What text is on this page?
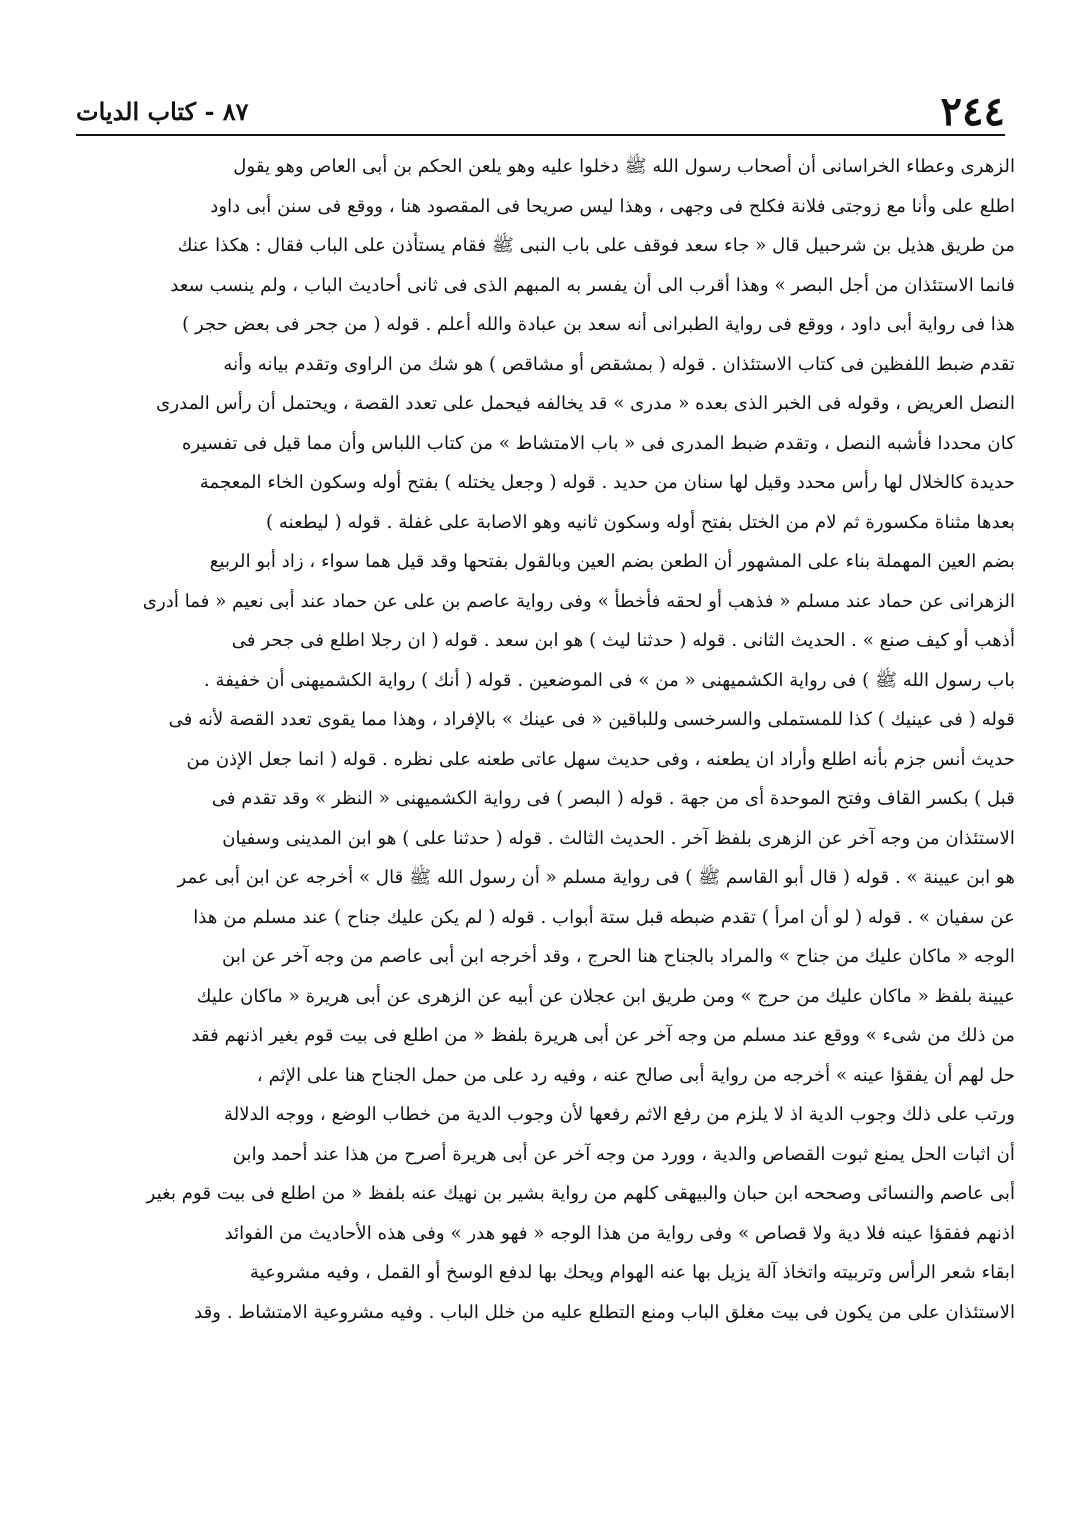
٢٤٤
٨٧ - كتاب الديات
الزهرى وعطاء الخراسانى أن أصحاب رسول الله ﷺ دخلوا عليه وهو يلعن الحكم بن أبى العاص وهو يقول
اطلع على وأنا مع زوجتى فلانة فكلح فى وجهى ، وهذا ليس صريحا فى المقصود هنا ، ووقع فى سنن أبى داود
من طريق هذيل بن شرحبيل قال « جاء سعد فوقف على باب النبى ﷺ فقام يستأذن على الباب فقال : هكذا عنك
فانما الاستئذان من أجل البصر » وهذا أقرب الى أن يفسر به المبهم الذى فى ثانى أحاديث الباب ، ولم ينسب سعد
هذا فى رواية أبى داود ، ووقع فى رواية الطبرانى أنه سعد بن عبادة والله أعلم . قوله ( من جحر فى بعض حجر )
تقدم ضبط اللفظين فى كتاب الاستئذان . قوله ( بمشقص أو مشاقص ) هو شك من الراوى وتقدم بيانه وأنه
النصل العريض ، وقوله فى الخبر الذى بعده « مدرى » قد يخالفه فيحمل على تعدد القصة ، ويحتمل أن رأس المدرى
كان محددا فأشبه النصل ، وتقدم ضبط المدرى فى « باب الامتشاط » من كتاب اللباس وأن مما قيل فى تفسيره
حديدة كالخلال لها رأس محدد وقيل لها سنان من حديد . قوله ( وجعل يختله ) بفتح أوله وسكون الخاء المعجمة
بعدها مثناة مكسورة ثم لام من الختل بفتح أوله وسكون ثانيه وهو الاصابة على غفلة . قوله ( ليطعنه )
بضم العين المهملة بناء على المشهور أن الطعن بضم العين وبالقول بفتحها وقد قيل هما سواء ، زاد أبو الربيع
الزهرانى عن حماد عند مسلم « فذهب أو لحقه فأخطأ » وفى رواية عاصم بن على عن حماد عند أبى نعيم « فما أدرى
أذهب أو كيف صنع » . الحديث الثانى . قوله ( حدثنا ليث ) هو ابن سعد . قوله ( ان رجلا اطلع فى جحر فى
باب رسول الله ﷺ ) فى رواية الكشميهنى « من » فى الموضعين . قوله ( أنك ) رواية الكشميهنى أن خفيفة .
قوله ( فى عينيك ) كذا للمستملى والسرخسى وللباقين « فى عينك » بالإفراد ، وهذا مما يقوى تعدد القصة لأنه فى
حديث أنس جزم بأنه اطلع وأراد ان يطعنه ، وفى حديث سهل عاتى طعنه على نظره . قوله ( انما جعل الإذن من
قبل ) بكسر القاف وفتح الموحدة أى من جهة . قوله ( البصر ) فى رواية الكشميهنى « النظر » وقد تقدم فى
الاستئذان من وجه آخر عن الزهرى بلفظ آخر . الحديث الثالث . قوله ( حدثنا على ) هو ابن المدينى وسفيان
هو ابن عيينة » . قوله ( قال أبو القاسم ﷺ ) فى رواية مسلم « أن رسول الله ﷺ قال » أخرجه عن ابن أبى عمر
عن سفيان » . قوله ( لو أن امرأ ) تقدم ضبطه قبل ستة أبواب . قوله ( لم يكن عليك جناح ) عند مسلم من هذا
الوجه « ماكان عليك من جناح » والمراد بالجناح هنا الحرج ، وقد أخرجه ابن أبى عاصم من وجه آخر عن ابن
عيينة بلفظ « ماكان عليك من حرج » ومن طريق ابن عجلان عن أبيه عن الزهرى عن أبى هريرة « ماكان عليك
من ذلك من شىء » ووقع عند مسلم من وجه آخر عن أبى هريرة بلفظ « من اطلع فى بيت قوم بغير اذنهم فقد
حل لهم أن يفقؤا عينه » أخرجه من رواية أبى صالح عنه ، وفيه رد على من حمل الجناح هنا على الإثم ،
ورتب على ذلك وجوب الدية اذ لا يلزم من رفع الاثم رفعها لأن وجوب الدية من خطاب الوضع ، ووجه الدلالة
أن اثبات الحل يمنع ثبوت القصاص والدية ، وورد من وجه آخر عن أبى هريرة أصرح من هذا عند أحمد وابن
أبى عاصم والنسائى وصححه ابن حبان والبيهقى كلهم من رواية بشير بن نهيك عنه بلفظ « من اطلع فى بيت قوم بغير
اذنهم ففقؤا عينه فلا دية ولا قصاص » وفى رواية من هذا الوجه « فهو هدر » وفى هذه الأحاديث من الفوائد
ابقاء شعر الرأس وتربيته واتخاذ آلة يزيل بها عنه الهوام ويحك بها لدفع الوسخ أو القمل ، وفيه مشروعية
الاستئذان على من يكون فى بيت مغلق الباب ومنع التطلع عليه من خلل الباب . وفيه مشروعية الامتشاط . وقد
